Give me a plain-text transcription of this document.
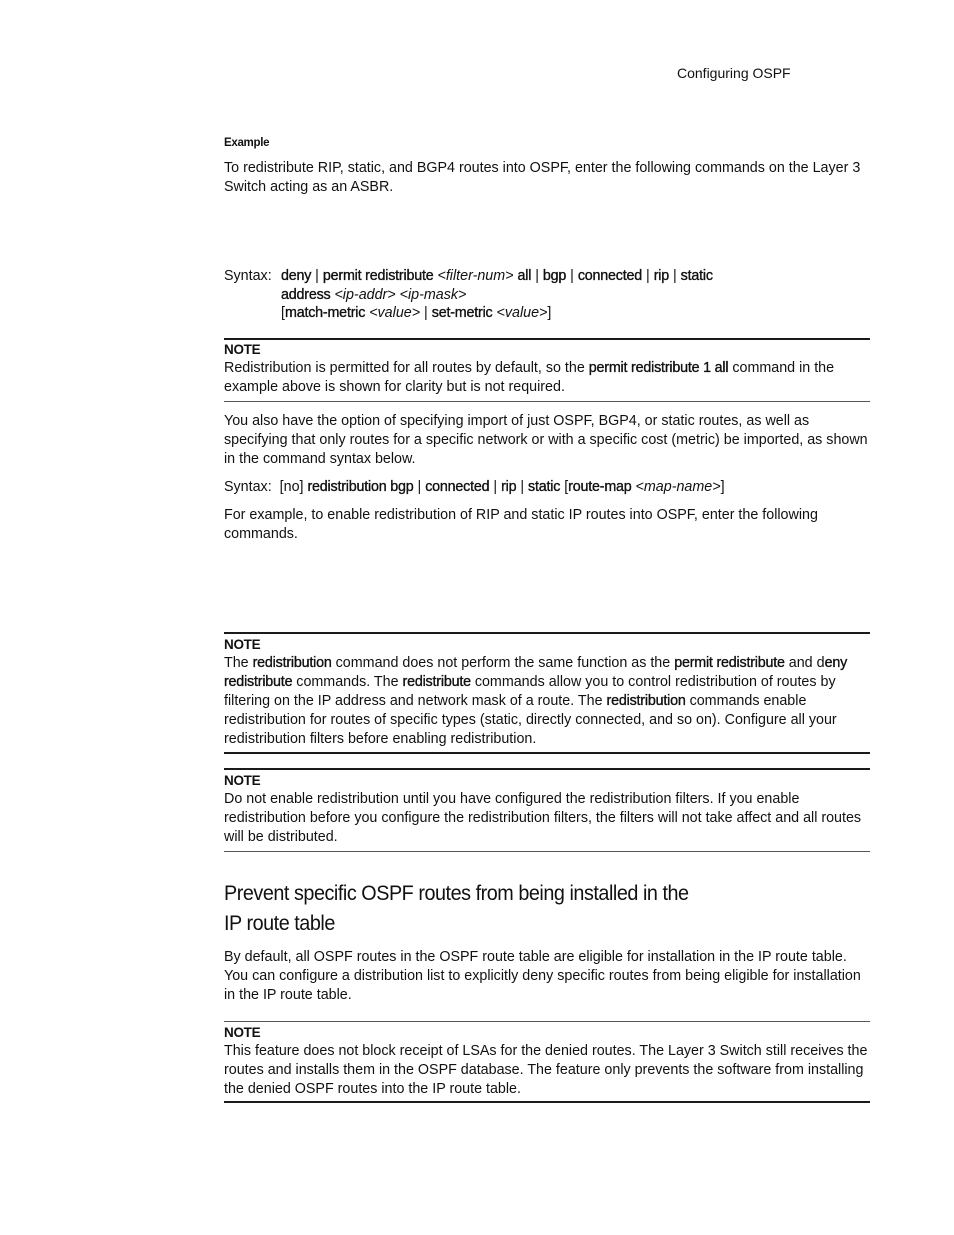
Configuring OSPF
Example
To redistribute RIP, static, and BGP4 routes into OSPF, enter the following commands on the Layer 3 Switch acting as an ASBR.
Syntax: deny | permit redistribute <filter-num> all | bgp | connected | rip | static
address <ip-addr> <ip-mask>
[match-metric <value> | set-metric <value>]
NOTE
Redistribution is permitted for all routes by default, so the permit redistribute 1 all command in the example above is shown for clarity but is not required.
You also have the option of specifying import of just OSPF, BGP4, or static routes, as well as specifying that only routes for a specific network or with a specific cost (metric) be imported, as shown in the command syntax below.
Syntax: [no] redistribution bgp | connected | rip | static [route-map <map-name>]
For example, to enable redistribution of RIP and static IP routes into OSPF, enter the following commands.
NOTE
The redistribution command does not perform the same function as the permit redistribute and deny redistribute commands. The redistribute commands allow you to control redistribution of routes by filtering on the IP address and network mask of a route. The redistribution commands enable redistribution for routes of specific types (static, directly connected, and so on). Configure all your redistribution filters before enabling redistribution.
NOTE
Do not enable redistribution until you have configured the redistribution filters. If you enable redistribution before you configure the redistribution filters, the filters will not take affect and all routes will be distributed.
Prevent specific OSPF routes from being installed in the
IP route table
By default, all OSPF routes in the OSPF route table are eligible for installation in the IP route table. You can configure a distribution list to explicitly deny specific routes from being eligible for installation in the IP route table.
NOTE
This feature does not block receipt of LSAs for the denied routes. The Layer 3 Switch still receives the routes and installs them in the OSPF database. The feature only prevents the software from installing the denied OSPF routes into the IP route table.
